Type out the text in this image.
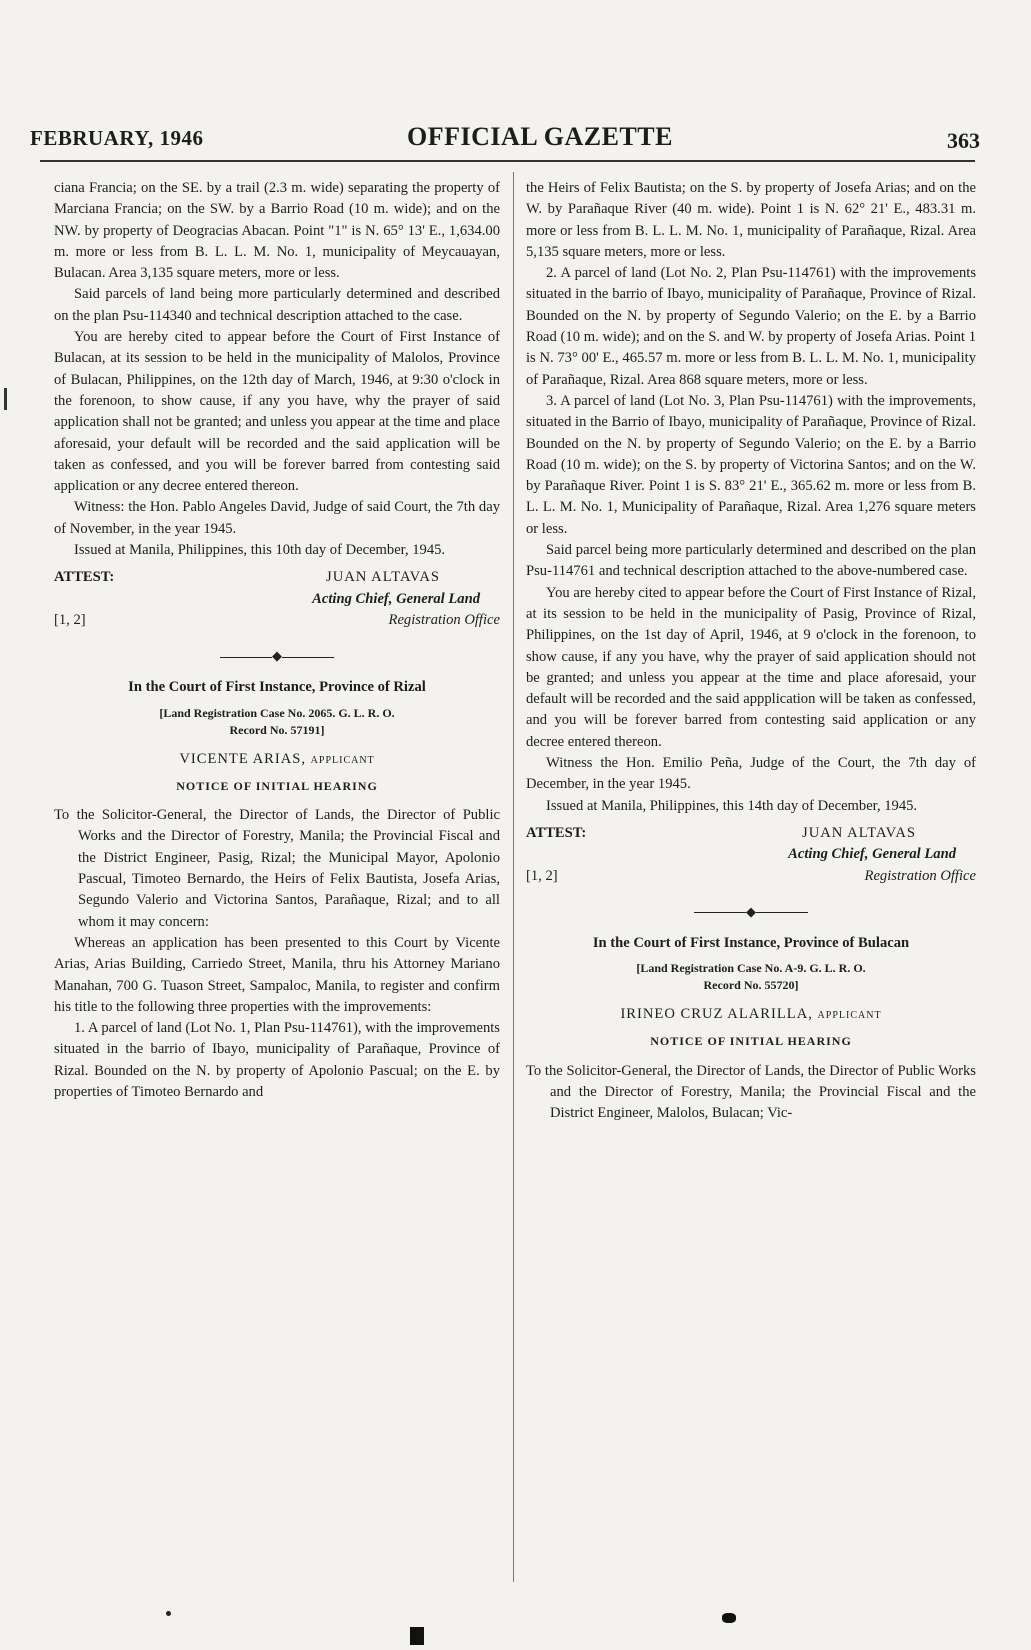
FEBRUARY, 1946	OFFICIAL GAZETTE	363

ciana Francia; on the SE. by a trail (2.3 m. wide) separating the property of Marciana Francia; on the SW. by a Barrio Road (10 m. wide); and on the NW. by property of Deogracias Abacan. Point "1" is N. 65° 13' E., 1,634.00 m. more or less from B. L. L. M. No. 1, municipality of Meycauayan, Bulacan. Area 3,135 square meters, more or less.

Said parcels of land being more particularly determined and described on the plan Psu-114340 and technical description attached to the case.

You are hereby cited to appear before the Court of First Instance of Bulacan, at its session to be held in the municipality of Malolos, Province of Bulacan, Philippines, on the 12th day of March, 1946, at 9:30 o'clock in the forenoon, to show cause, if any you have, why the prayer of said application shall not be granted; and unless you appear at the time and place aforesaid, your default will be recorded and the said application will be taken as confessed, and you will be forever barred from contesting said application or any decree entered thereon.

Witness: the Hon. Pablo Angeles David, Judge of said Court, the 7th day of November, in the year 1945.

Issued at Manila, Philippines, this 10th day of December, 1945.

ATTEST:	JUAN ALTAVAS
Acting Chief, General Land
[1, 2]	Registration Office
◆
In the Court of First Instance, Province of Rizal
[Land Registration Case No. 2065. G. L. R. O.
Record No. 57191]
VICENTE ARIAS, applicant
NOTICE OF INITIAL HEARING

To the Solicitor-General, the Director of Lands, the Director of Public Works and the Director of Forestry, Manila; the Provincial Fiscal and the District Engineer, Pasig, Rizal; the Municipal Mayor, Apolonio Pascual, Timoteo Bernardo, the Heirs of Felix Bautista, Josefa Arias, Segundo Valerio and Victorina Santos, Parañaque, Rizal; and to all whom it may concern:

Whereas an application has been presented to this Court by Vicente Arias, Arias Building, Carriedo Street, Manila, thru his Attorney Mariano Manahan, 700 G. Tuason Street, Sampaloc, Manila, to register and confirm his title to the following three properties with the improvements:

1. A parcel of land (Lot No. 1, Plan Psu-114761), with the improvements situated in the barrio of Ibayo, municipality of Parañaque, Province of Rizal. Bounded on the N. by property of Apolonio Pascual; on the E. by properties of Timoteo Bernardo and

the Heirs of Felix Bautista; on the S. by property of Josefa Arias; and on the W. by Parañaque River (40 m. wide). Point 1 is N. 62° 21' E., 483.31 m. more or less from B. L. L. M. No. 1, municipality of Parañaque, Rizal. Area 5,135 square meters, more or less.

2. A parcel of land (Lot No. 2, Plan Psu-114761) with the improvements situated in the barrio of Ibayo, municipality of Parañaque, Province of Rizal. Bounded on the N. by property of Segundo Valerio; on the E. by a Barrio Road (10 m. wide); and on the S. and W. by property of Josefa Arias. Point 1 is N. 73° 00' E., 465.57 m. more or less from B. L. L. M. No. 1, municipality of Parañaque, Rizal. Area 868 square meters, more or less.

3. A parcel of land (Lot No. 3, Plan Psu-114761) with the improvements, situated in the Barrio of Ibayo, municipality of Parañaque, Province of Rizal. Bounded on the N. by property of Segundo Valerio; on the E. by a Barrio Road (10 m. wide); on the S. by property of Victorina Santos; and on the W. by Parañaque River. Point 1 is S. 83° 21' E., 365.62 m. more or less from B. L. L. M. No. 1, Municipality of Parañaque, Rizal. Area 1,276 square meters or less.

Said parcel being more particularly determined and described on the plan Psu-114761 and technical description attached to the above-numbered case.

You are hereby cited to appear before the Court of First Instance of Rizal, at its session to be held in the municipality of Pasig, Province of Rizal, Philippines, on the 1st day of April, 1946, at 9 o'clock in the forenoon, to show cause, if any you have, why the prayer of said application should not be granted; and unless you appear at the time and place aforesaid, your default will be recorded and the said appplication will be taken as confessed, and you will be forever barred from contesting said application or any decree entered thereon.

Witness the Hon. Emilio Peña, Judge of the Court, the 7th day of December, in the year 1945.

Issued at Manila, Philippines, this 14th day of December, 1945.

ATTEST:	JUAN ALTAVAS
Acting Chief, General Land
[1, 2]	Registration Office
◆
In the Court of First Instance, Province of Bulacan
[Land Registration Case No. A-9. G. L. R. O.
Record No. 55720]
IRINEO CRUZ ALARILLA, applicant
NOTICE OF INITIAL HEARING

To the Solicitor-General, the Director of Lands, the Director of Public Works and the Director of Forestry, Manila; the Provincial Fiscal and the District Engineer, Malolos, Bulacan; Vic-
